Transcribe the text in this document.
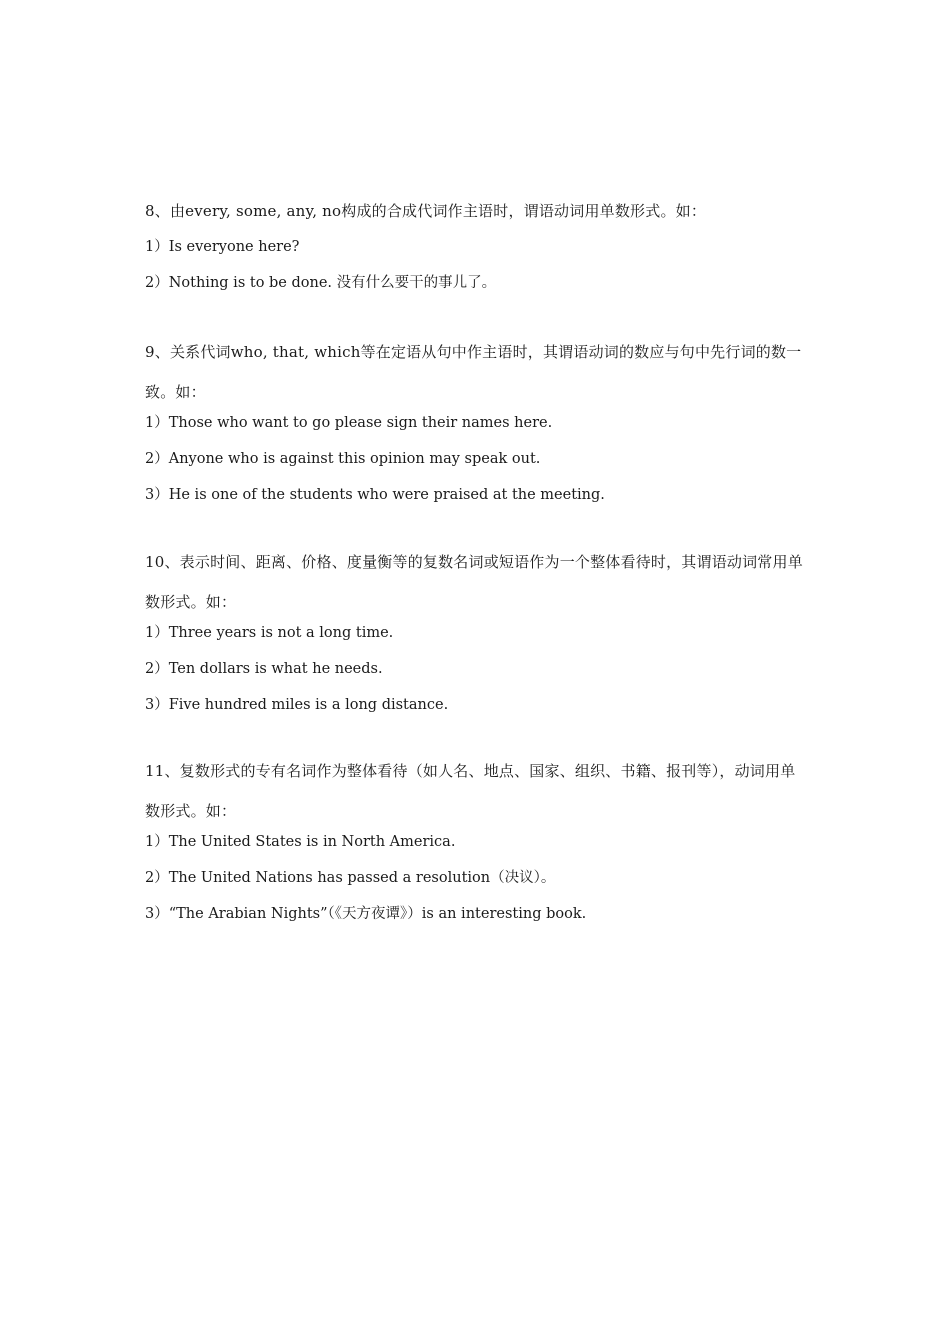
8、由every, some, any, no构成的合成代词作主语时，谓语动词用单数形式。如：

1）Is everyone here?

2）Nothing is to be done. 没有什么要干的事儿了。

9、关系代词who, that, which等在定语从句中作主语时，其谓语动词的数应与句中先行词的数一致。如：

1）Those who want to go please sign their names here.

2）Anyone who is against this opinion may speak out.

3）He is one of the students who were praised at the meeting.

10、表示时间、距离、价格、度量衡等的复数名词或短语作为一个整体看待时，其谓语动词常用单数形式。如：

1）Three years is not a long time.

2）Ten dollars is what he needs.

3）Five hundred miles is a long distance.

11、复数形式的专有名词作为整体看待（如人名、地点、国家、组织、书籍、报刊等），动词用单数形式。如：

1）The United States is in North America.

2）The United Nations has passed a resolution（决议）。

3）“The Arabian Nights”（《天方夜谭》）is an interesting book.
